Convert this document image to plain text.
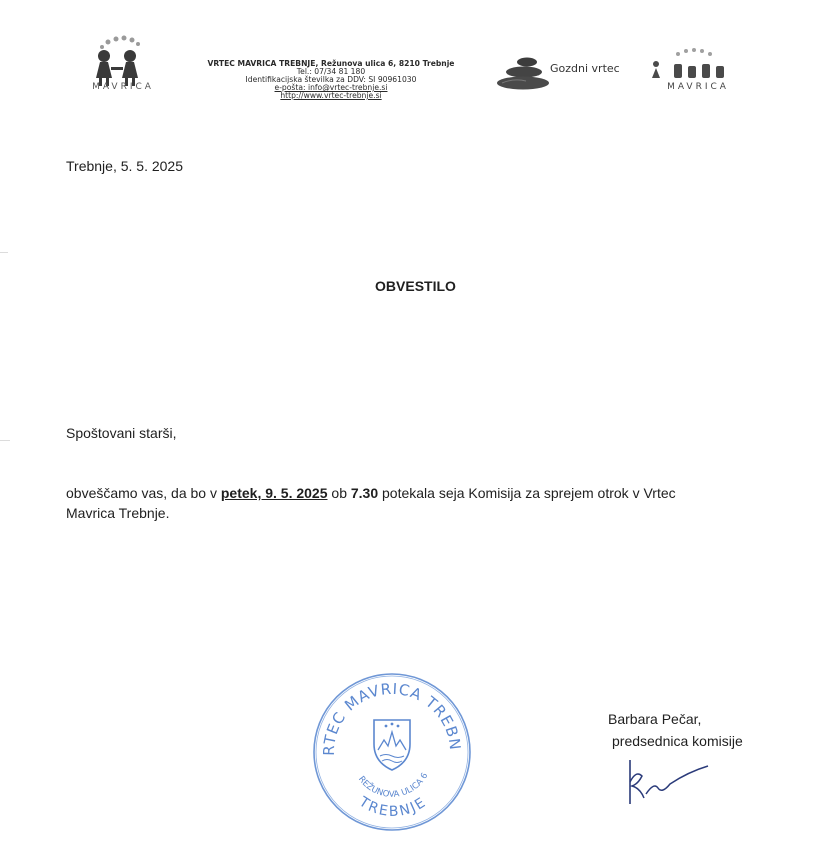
MAVRICA
VRTEC MAVRICA TREBNJE, Režunova ulica 6, 8210 Trebnje
Tel.: 07/34 81 180
Identifikacijska številka za DDV: SI 90961030
e-pošta: info@vrtec-trebnje.si
http://www.vrtec-trebnje.si
Gozdni vrtec
MAVRICA
Trebnje, 5. 5. 2025
OBVESTILO
Spoštovani starši,
obveščamo vas, da bo v petek, 9. 5. 2025 ob 7.30 potekala seja Komisija za sprejem otrok v Vrtec
Mavrica Trebnje.
RTEC MAVRICA TREBN
REŽUNOVA ULICA 6
TREBNJE
Barbara Pečar,
predsednica komisije
